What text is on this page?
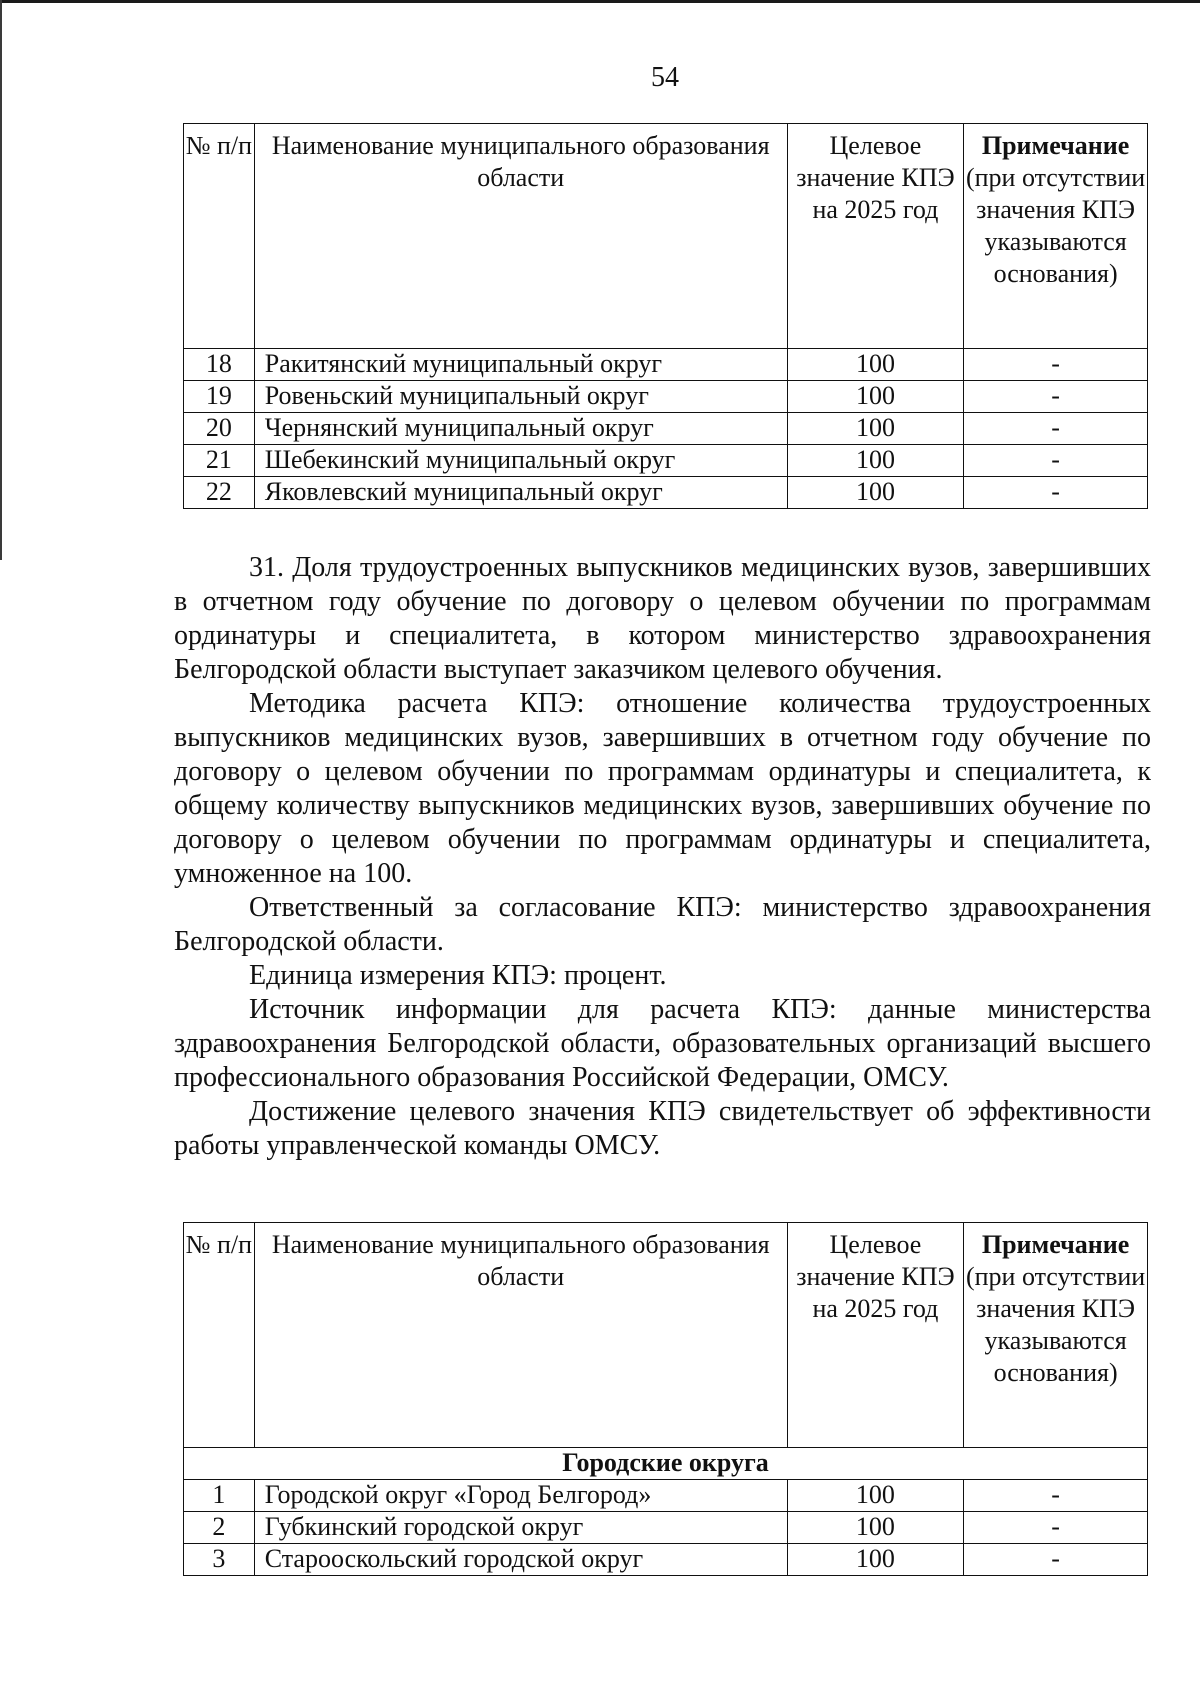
54
№ п/п	Наименование муниципального образования области	Целевое значение КПЭ на 2025 год	Примечание
(при отсутствии значения КПЭ указываются основания)

18	Ракитянский муниципальный округ	100	-
19	Ровеньский муниципальный округ	100	-
20	Чернянский муниципальный округ	100	-
21	Шебекинский муниципальный округ	100	-
22	Яковлевский муниципальный округ	100	-

31. Доля трудоустроенных выпускников медицинских вузов, завершивших в отчетном году обучение по договору о целевом обучении по программам ординатуры и специалитета, в котором министерство здравоохранения Белгородской области выступает заказчиком целевого обучения.

Методика расчета КПЭ: отношение количества трудоустроенных выпускников медицинских вузов, завершивших в отчетном году обучение по договору о целевом обучении по программам ординатуры и специалитета, к общему количеству выпускников медицинских вузов, завершивших обучение по договору о целевом обучении по программам ординатуры и специалитета, умноженное на 100.

Ответственный за согласование КПЭ: министерство здравоохранения Белгородской области.

Единица измерения КПЭ: процент.

Источник информации для расчета КПЭ: данные министерства здравоохранения Белгородской области, образовательных организаций высшего профессионального образования Российской Федерации, ОМСУ.

Достижение целевого значения КПЭ свидетельствует об эффективности работы управленческой команды ОМСУ.

№ п/п	Наименование муниципального образования области	Целевое значение КПЭ на 2025 год	Примечание
(при отсутствии значения КПЭ указываются основания)

Городские округа			
1	Городской округ «Город Белгород»	100	-
2	Губкинский городской округ	100	-
3	Старооскольский городской округ	100	-
